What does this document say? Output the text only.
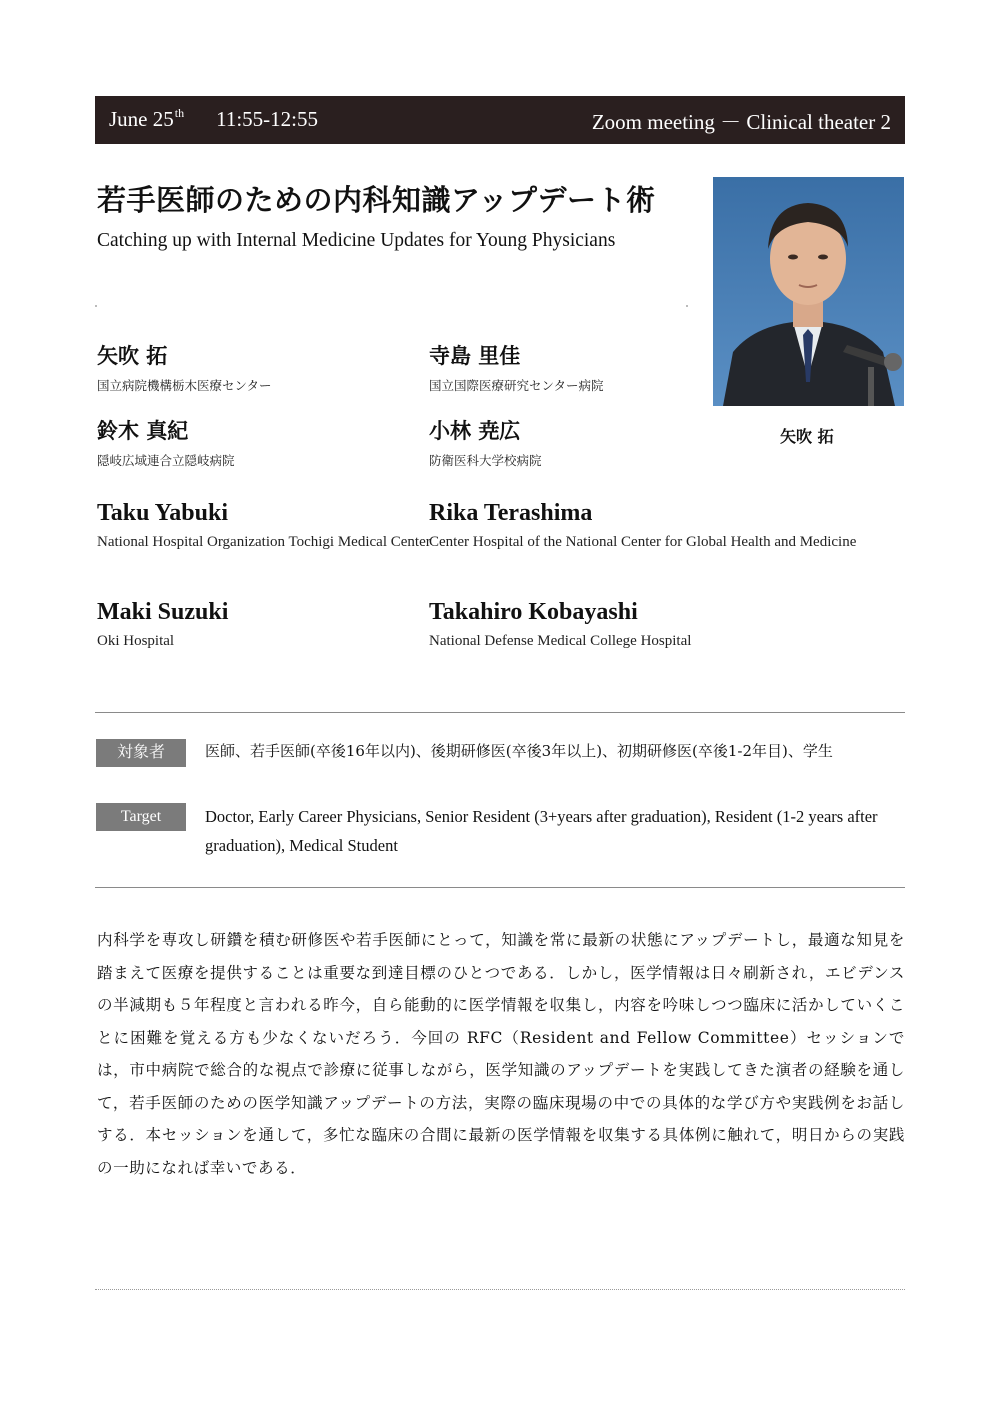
June 25th 11:55-12:55	Zoom meeting － Clinical theater 2
若手医師のための内科知識アップデート術
Catching up with Internal Medicine Updates for Young Physicians
矢吹 拓
矢吹 拓
国立病院機構栃木医療センター
寺島 里佳
国立国際医療研究センター病院
鈴木 真紀
隠岐広域連合立隠岐病院
小林 尭広
防衛医科大学校病院
Taku Yabuki
National Hospital Organization Tochigi Medical Center
Rika Terashima
Center Hospital of the National Center for Global Health and Medicine
Maki Suzuki
Oki Hospital
Takahiro Kobayashi
National Defense Medical College Hospital
対象者	医師、若手医師(卒後16年以内)、後期研修医(卒後3年以上)、初期研修医(卒後1-2年目)、学生
Target	Doctor, Early Career Physicians, Senior Resident (3+years after graduation), Resident (1-2 years after graduation), Medical Student
内科学を専攻し研鑽を積む研修医や若手医師にとって，知識を常に最新の状態にアップデートし，最適な知見を踏まえて医療を提供することは重要な到達目標のひとつである．しかし，医学情報は日々刷新され，エビデンスの半減期も５年程度と言われる昨今，自ら能動的に医学情報を収集し，内容を吟味しつつ臨床に活かしていくことに困難を覚える方も少なくないだろう．今回の RFC（Resident and Fellow Committee）セッションでは，市中病院で総合的な視点で診療に従事しながら，医学知識のアップデートを実践してきた演者の経験を通して，若手医師のための医学知識アップデートの方法，実際の臨床現場の中での具体的な学び方や実践例をお話しする．本セッションを通して，多忙な臨床の合間に最新の医学情報を収集する具体例に触れて，明日からの実践の一助になれば幸いである．
